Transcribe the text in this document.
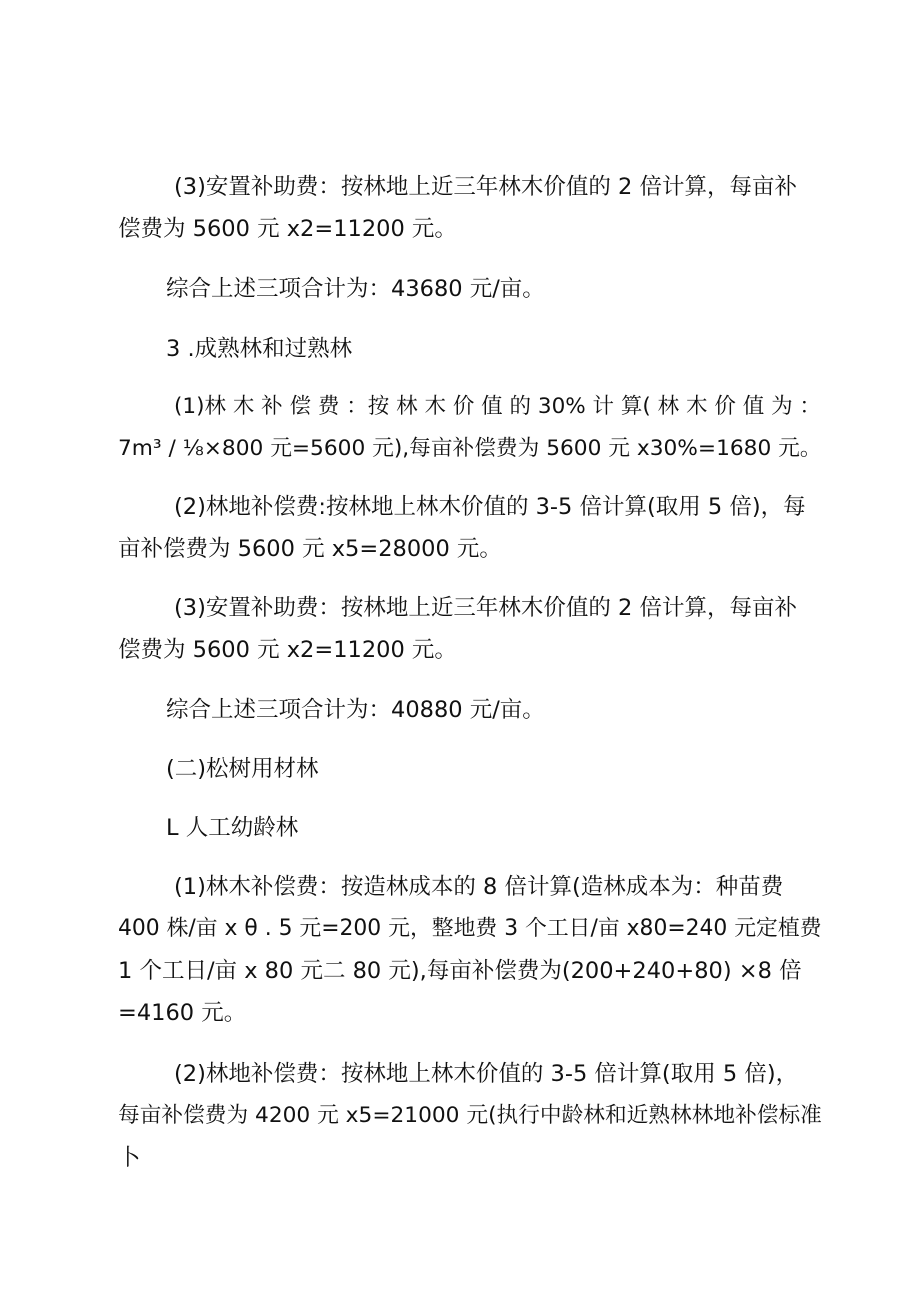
(3)安置补助费：按林地上近三年林木价值的 2 倍计算，每亩补
偿费为 5600 元 x2=11200 元。
综合上述三项合计为：43680 元/亩。
3 .成熟林和过熟林
(1)林 木 补 偿 费 ：按 林 木 价 值 的 30% 计 算( 林 木 价 值 为 ：
7m³ / ⅛×800 元=5600 元),每亩补偿费为 5600 元 x30%=1680 元。
(2)林地补偿费:按林地上林木价值的 3-5 倍计算(取用 5 倍)，每
亩补偿费为 5600 元 x5=28000 元。
(3)安置补助费：按林地上近三年林木价值的 2 倍计算，每亩补
偿费为 5600 元 x2=11200 元。
综合上述三项合计为：40880 元/亩。
(二)松树用材林
L 人工幼龄林
(1)林木补偿费：按造林成本的 8 倍计算(造林成本为：种苗费
400 株/亩 x θ . 5 元=200 元，整地费 3 个工日/亩 x80=240 元定植费
1 个工日/亩 x 80 元二 80 元),每亩补偿费为(200+240+80) ×8 倍
=4160 元。
(2)林地补偿费：按林地上林木价值的 3-5 倍计算(取用 5 倍)，
每亩补偿费为 4200 元 x5=21000 元(执行中龄林和近熟林林地补偿标准
卜
